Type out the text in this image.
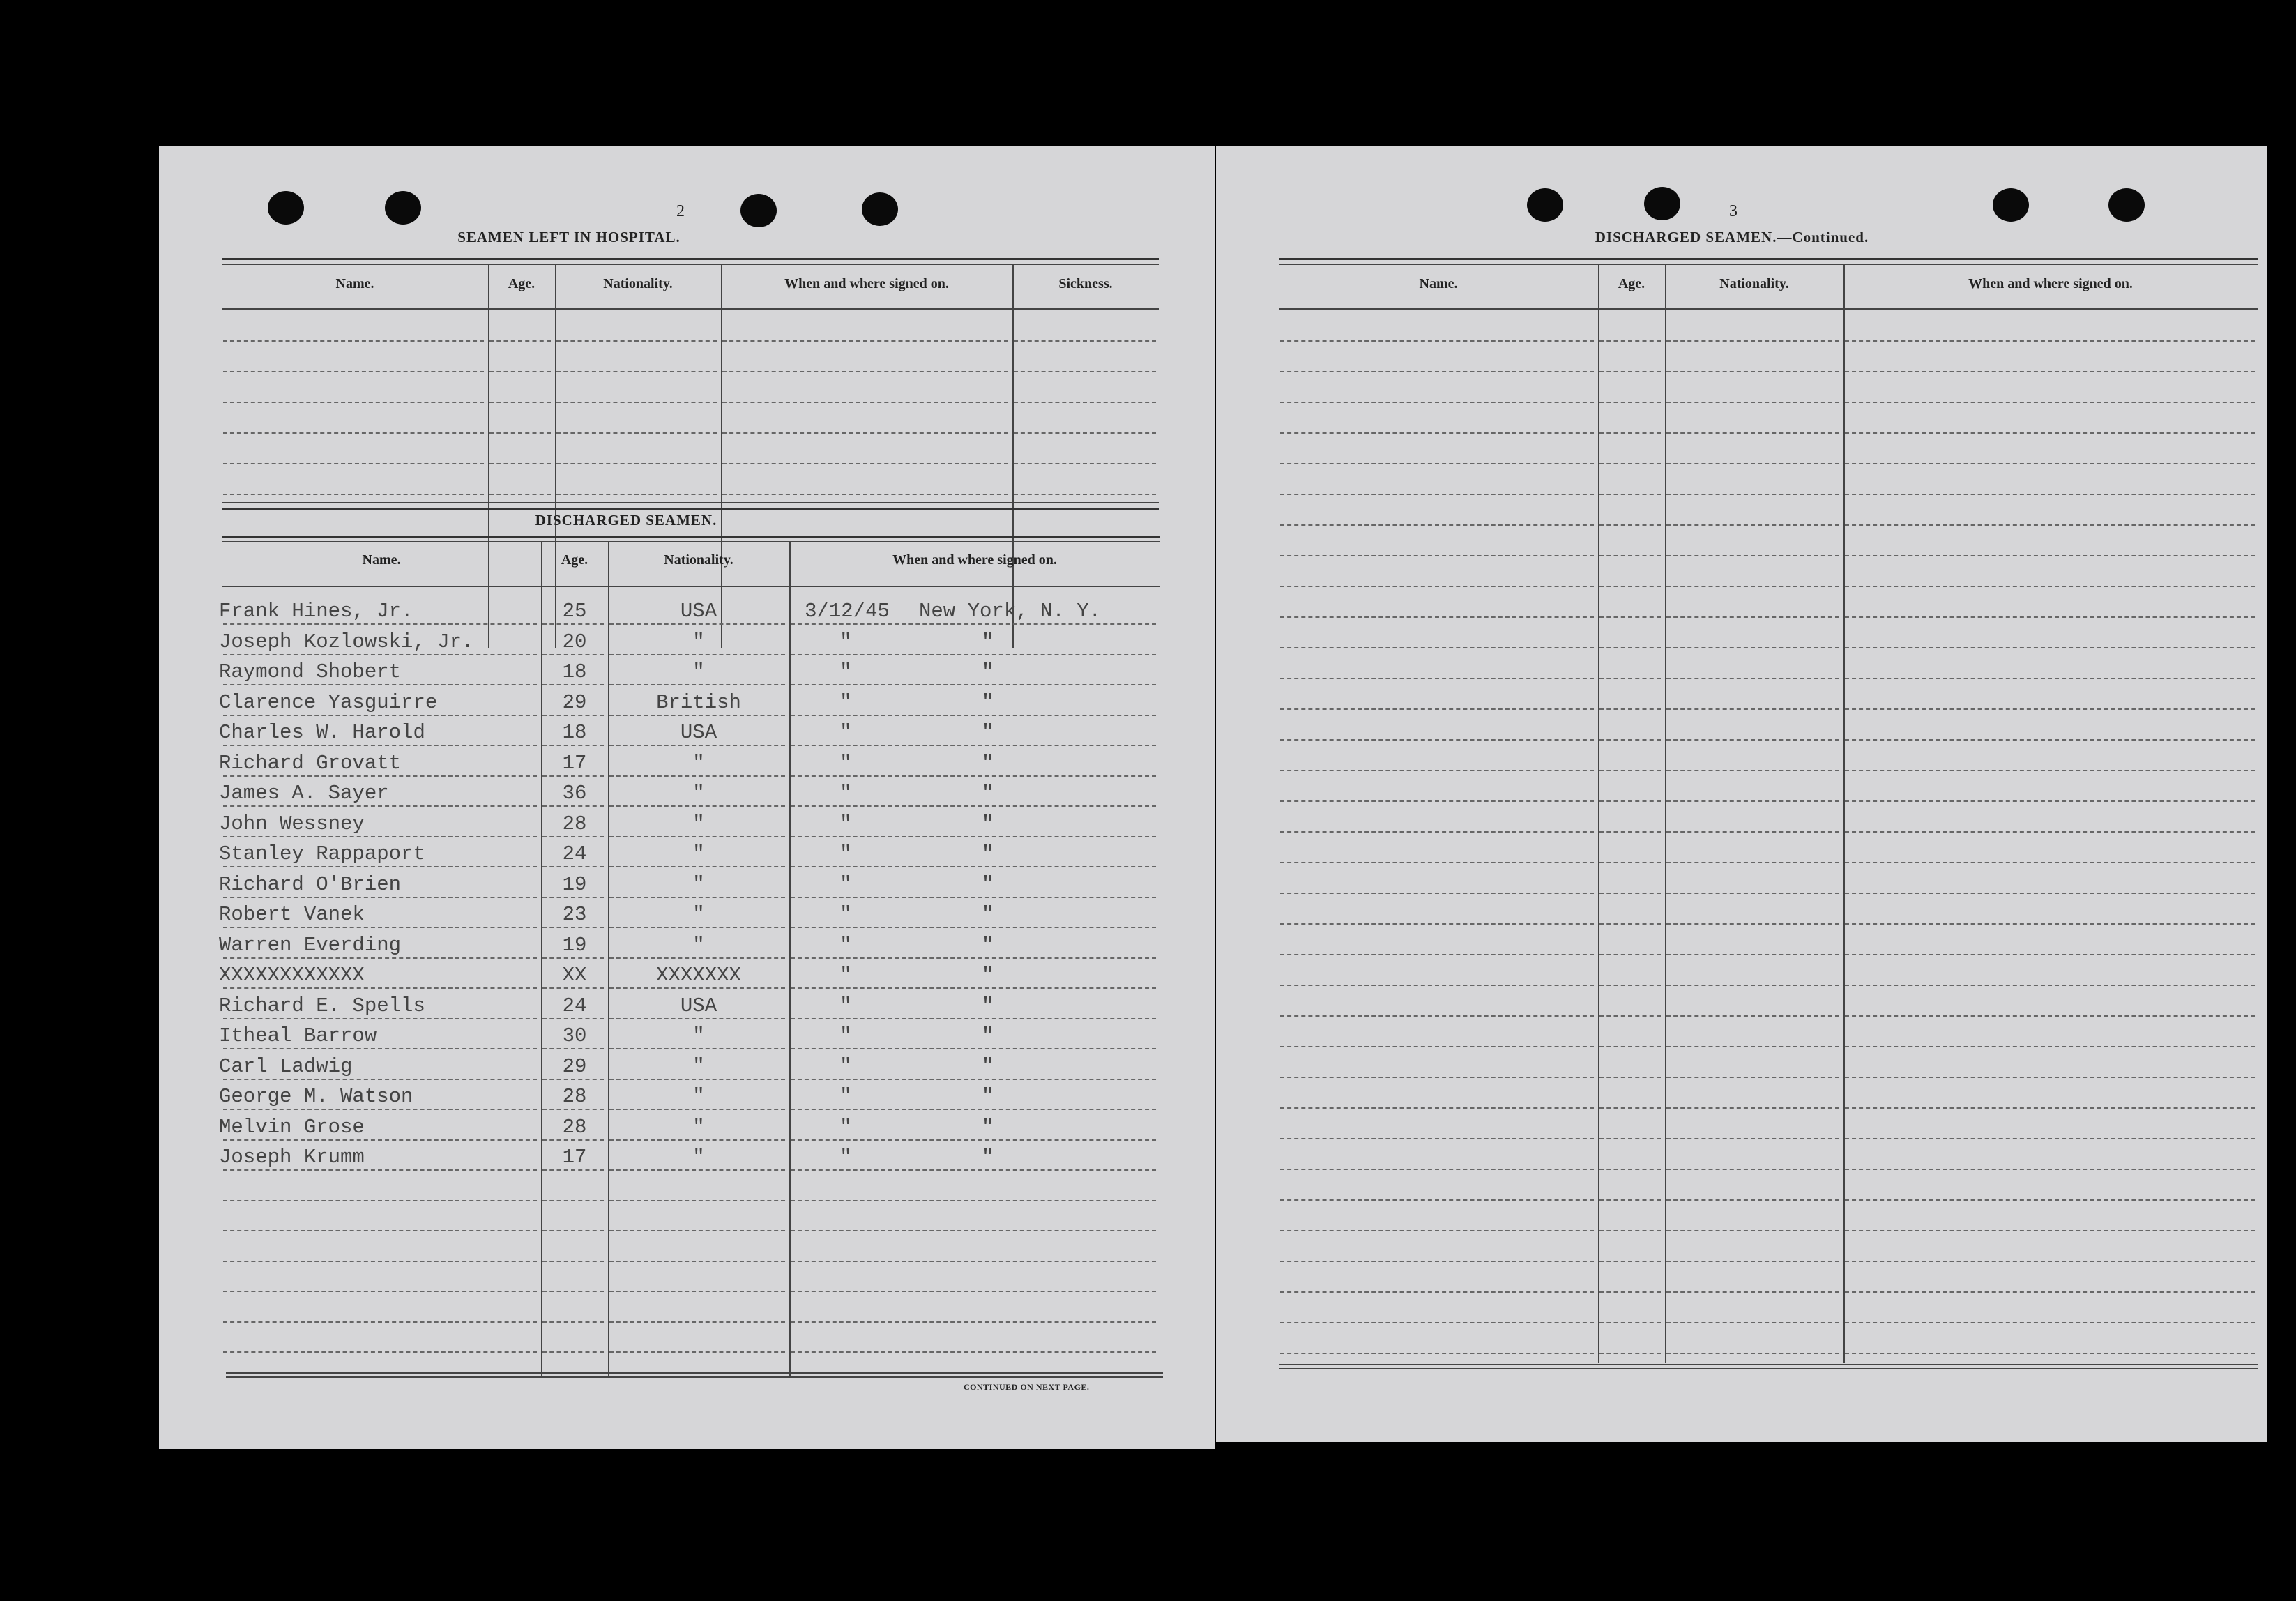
2
SEAMEN LEFT IN HOSPITAL.
Name.	Age.	Nationality.	When and where signed on.	Sickness.
DISCHARGED SEAMEN.
Name.	Age.	Nationality.	When and where signed on.
Frank Hines, Jr.	25	USA	3/12/45	New York, N. Y.
Joseph Kozlowski, Jr.	20	"	"	"
Raymond Shobert	18	"	"	"
Clarence Yasguirre	29	British	"	"
Charles W. Harold	18	USA	"	"
Richard Grovatt	17	"	"	"
James A. Sayer	36	"	"	"
John Wessney	28	"	"	"
Stanley Rappaport	24	"	"	"
Richard O'Brien	19	"	"	"
Robert Vanek	23	"	"	"
Warren Everding	19	"	"	"
XXXXXXXXXXXX	XX	XXXXXXX	"	"
Richard E. Spells	24	USA	"	"
Itheal Barrow	30	"	"	"
Carl Ladwig	29	"	"	"
George M. Watson	28	"	"	"
Melvin Grose	28	"	"	"
Joseph Krumm	17	"	"	"
CONTINUED ON NEXT PAGE.
3
DISCHARGED SEAMEN.—Continued.
Name.	Age.	Nationality.	When and where signed on.
